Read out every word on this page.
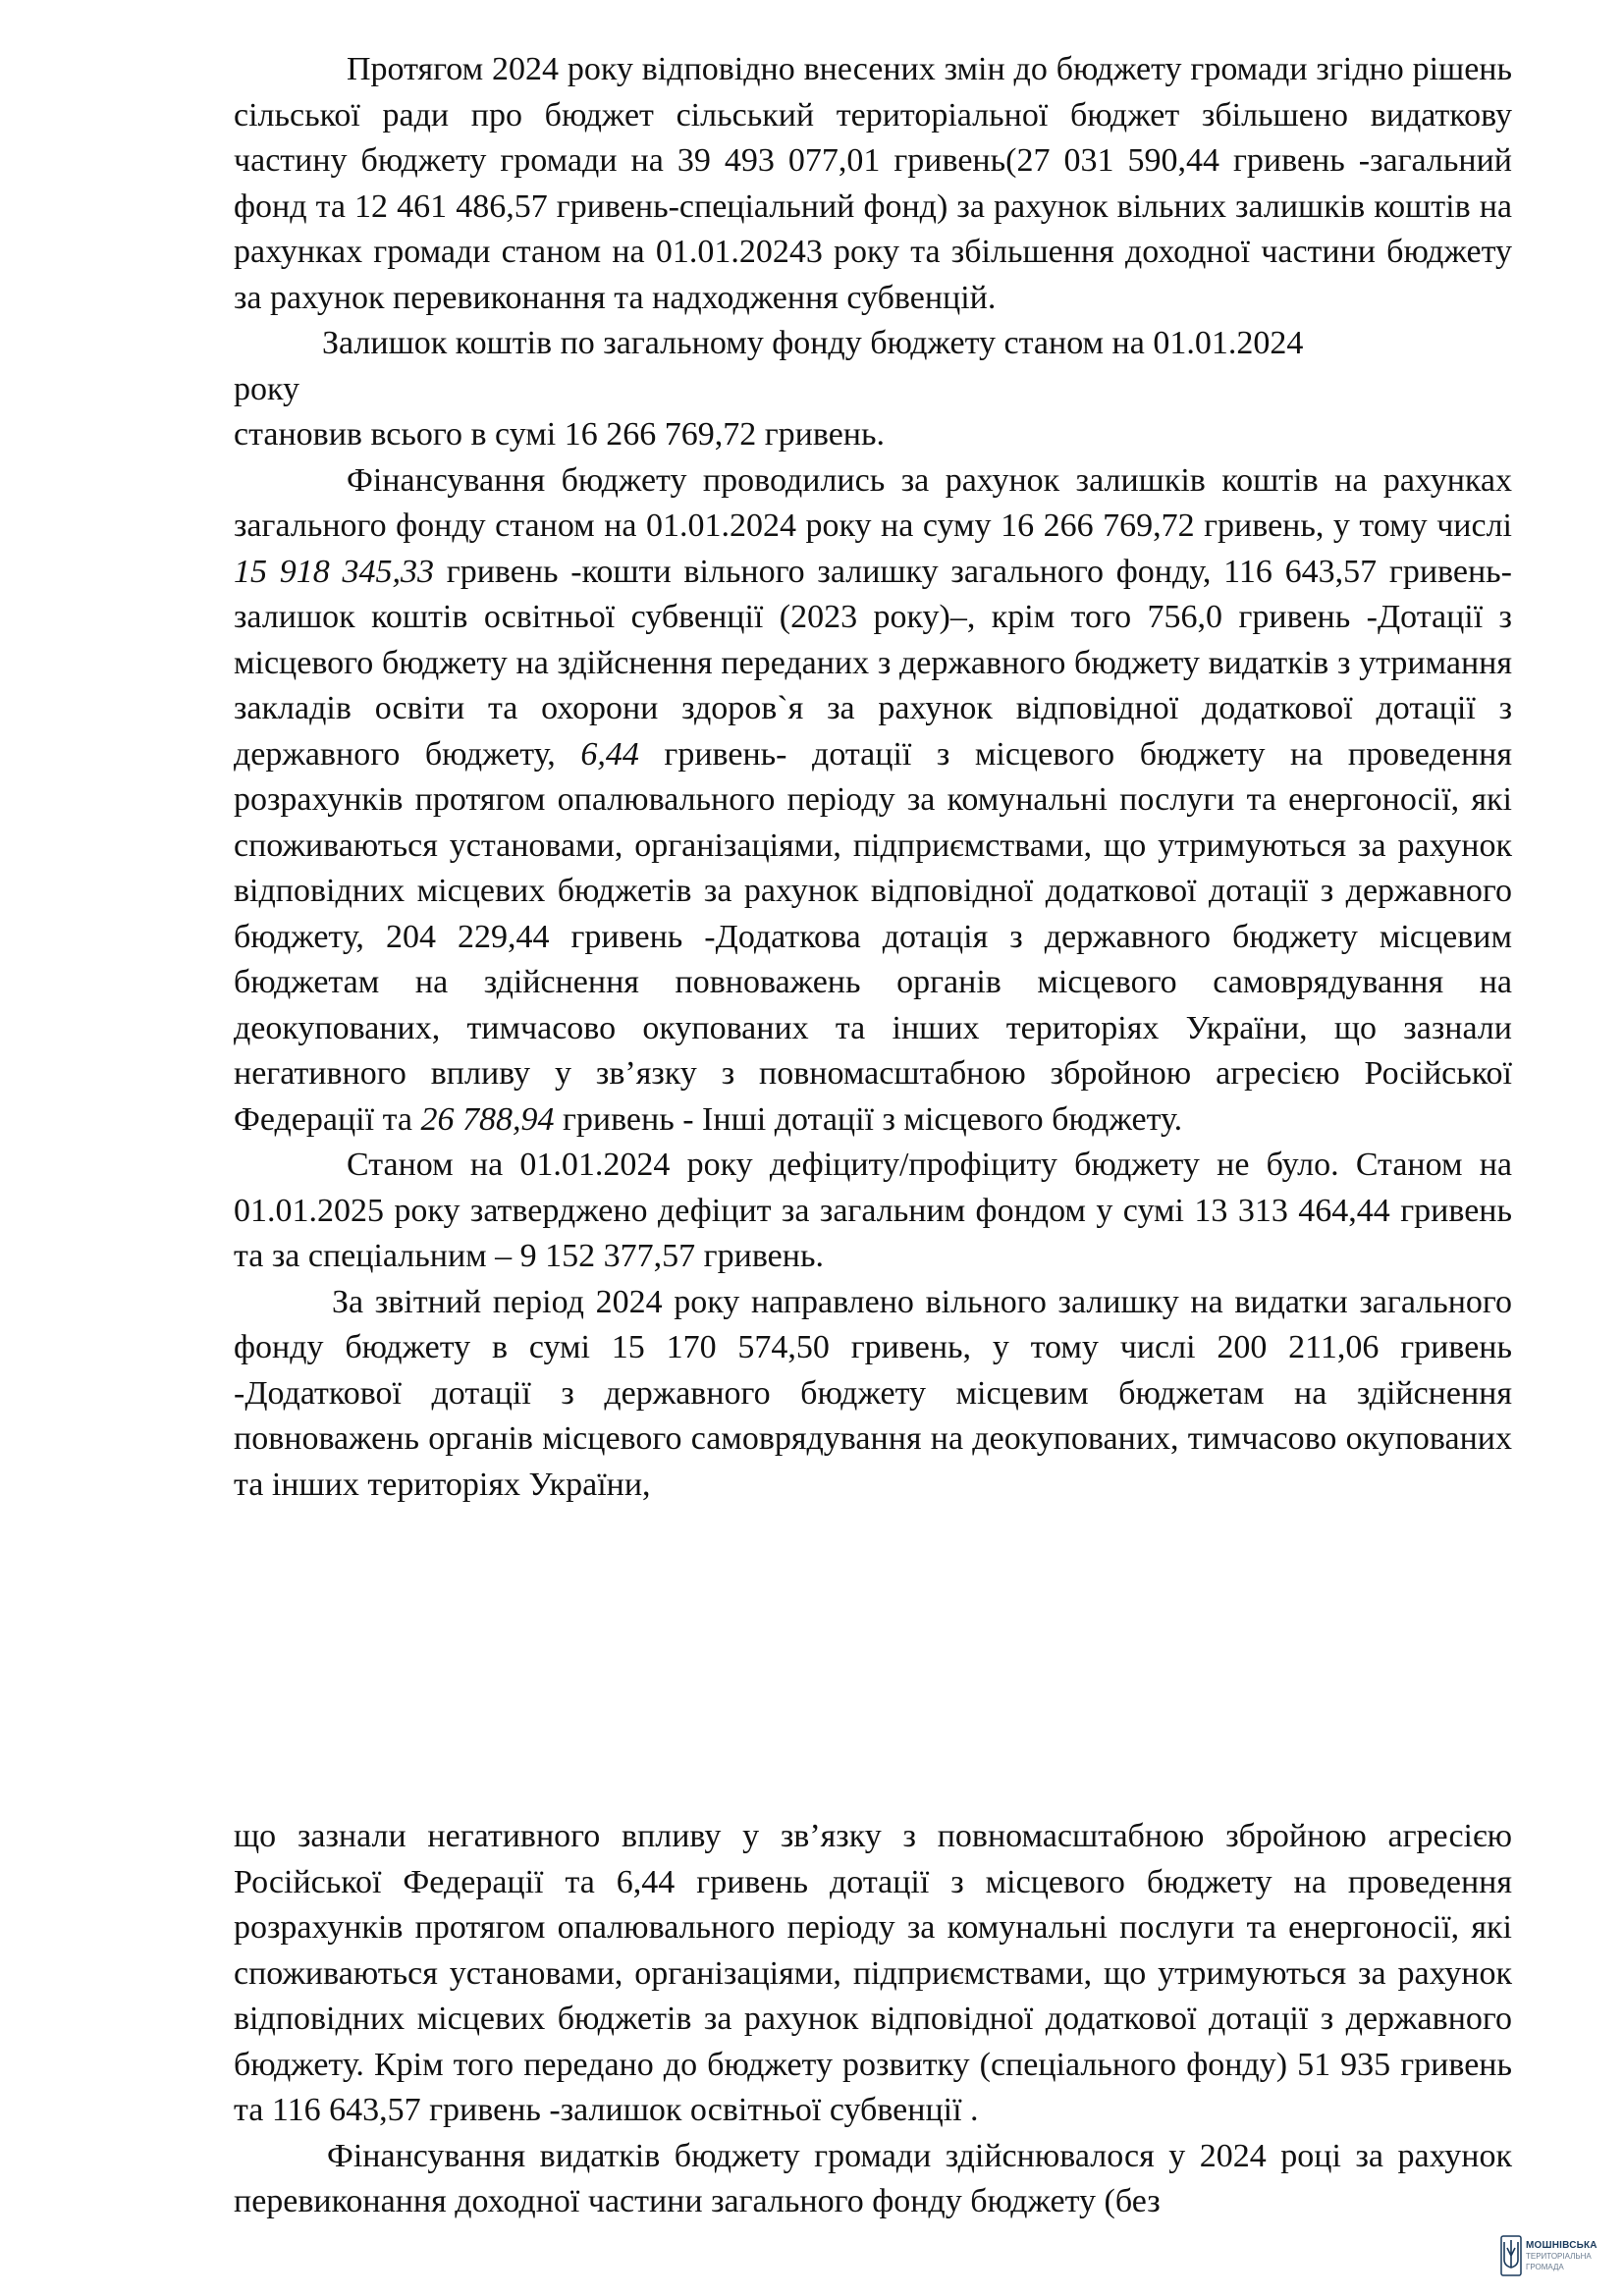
Протягом 2024 року відповідно внесених змін до бюджету громади згідно рішень сільської ради про бюджет сільський територіальної бюджет збільшено видаткову частину бюджету громади на 39 493 077,01 гривень(27 031 590,44 гривень -загальний фонд та 12 461 486,57 гривень-спеціальний фонд) за рахунок вільних залишків коштів на рахунках громади станом на 01.01.20243 року та збільшення доходної частини бюджету за рахунок перевиконання та надходження субвенцій.

Залишок коштів по загальному фонду бюджету станом на 01.01.2024

року
становив всього в сумі 16 266 769,72 гривень.

Фінансування бюджету проводились за рахунок залишків коштів на рахунках загального фонду станом на 01.01.2024 року на суму 16 266 769,72 гривень, у тому числі 15 918 345,33 гривень -кошти вільного залишку загального фонду, 116 643,57 гривень- залишок коштів освітньої субвенції (2023 року)–, крім того 756,0 гривень -Дотації з місцевого бюджету на здійснення переданих з державного бюджету видатків з утримання закладів освіти та охорони здоров`я за рахунок відповідної додаткової дотації з державного бюджету, 6,44 гривень- дотації з місцевого бюджету на проведення розрахунків протягом опалювального періоду за комунальні послуги та енергоносії, які споживаються установами, організаціями, підприємствами, що утримуються за рахунок відповідних місцевих бюджетів за рахунок відповідної додаткової дотації з державного бюджету, 204 229,44 гривень -Додаткова дотація з державного бюджету місцевим бюджетам на здійснення повноважень органів місцевого самоврядування на деокупованих, тимчасово окупованих та інших територіях України, що зазнали негативного впливу у зв’язку з повномасштабною збройною агресією Російської Федерації та 26 788,94 гривень - Інші дотації з місцевого бюджету.

Станом на 01.01.2024 року дефіциту/профіциту бюджету не було. Станом на 01.01.2025 року затверджено дефіцит за загальним фондом у сумі 13 313 464,44 гривень та за спеціальним – 9 152 377,57 гривень.

За звітний період 2024 року направлено вільного залишку на видатки загального фонду бюджету в сумі 15 170 574,50 гривень, у тому числі 200 211,06 гривень -Додаткової дотації з державного бюджету місцевим бюджетам на здійснення повноважень органів місцевого самоврядування на деокупованих, тимчасово окупованих та інших територіях України,

що зазнали негативного впливу у зв’язку з повномасштабною збройною агресією Російської Федерації та 6,44 гривень дотації з місцевого бюджету на проведення розрахунків протягом опалювального періоду за комунальні послуги та енергоносії, які споживаються установами, організаціями, підприємствами, що утримуються за рахунок відповідних місцевих бюджетів за рахунок відповідної додаткової дотації з державного бюджету. Крім того передано до бюджету розвитку (спеціального фонду) 51 935 гривень та 116 643,57 гривень -залишок освітньої субвенції .

Фінансування видатків бюджету громади здійснювалося у 2024 році за рахунок перевиконання доходної частини загального фонду бюджету (без

МОШНІВСЬКА
ТЕРИТОРІАЛЬНА
ГРОМАДА
